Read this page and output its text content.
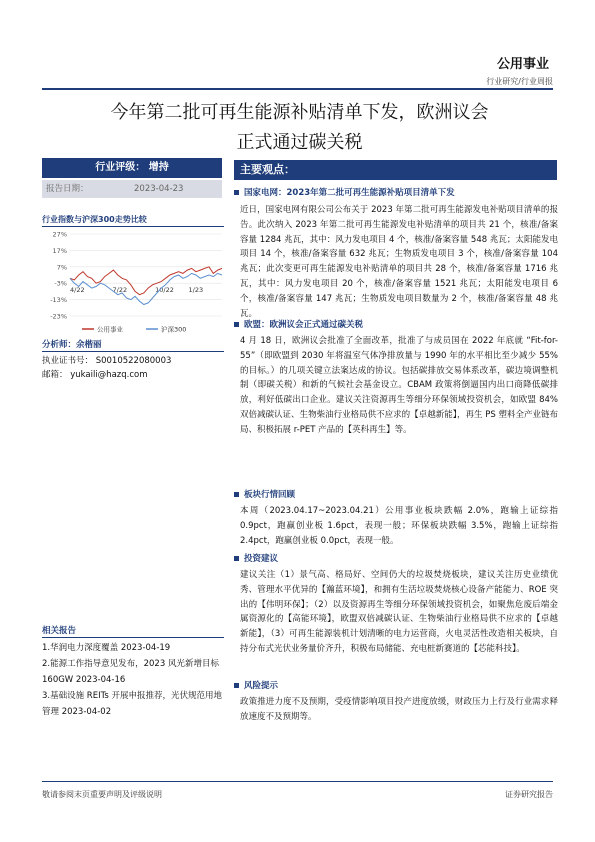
公用事业
行业研究/行业周报
今年第二批可再生能源补贴清单下发，欧洲议会
正式通过碳关税
行业评级： 增持
报告日期：	2023-04-23
行业指数与沪深300走势比较
27%
17%
7%
-3%
-13%
-23%
4/22	7/22	10/22 1/23
公用事业	沪深300
分析师：余楷丽
执业证书号： S0010522080003
邮箱： yukaili@hazq.com
相关报告
1.华润电力深度覆盖 2023-04-19
2.能源工作指导意见发布，2023 风光新增目标 160GW 2023-04-16
3.基础设施 REITs 开展申报推荐，光伏规范用地管理 2023-04-02
主要观点：
国家电网：2023年第二批可再生能源补贴项目清单下发
近日，国家电网有限公司公布关于 2023 年第二批可再生能源发电补贴项目清单的报告。此次纳入 2023 年第二批可再生能源发电补贴清单的项目共 21 个，核准/备案容量 1284 兆瓦，其中：风力发电项目 4 个，核准/备案容量 548 兆瓦；太阳能发电项目 14 个，核准/备案容量 632 兆瓦；生物质发电项目 3 个，核准/备案容量 104 兆瓦；此次变更可再生能源发电补贴清单的项目共 28 个，核准/备案容量 1716 兆瓦，其中：风力发电项目 20 个，核准/备案容量 1521 兆瓦；太阳能发电项目 6 个，核准/备案容量 147 兆瓦；生物质发电项目数量为 2 个，核准/备案容量 48 兆瓦。
欧盟：欧洲议会正式通过碳关税
4 月 18 日，欧洲议会批准了全面改革，批准了与成员国在 2022 年底就 “Fit-for-55”（即欧盟到 2030 年将温室气体净排放量与 1990 年的水平相比至少减少 55%的目标。）的几项关键立法案达成的协议。包括碳排放交易体系改革，碳边境调整机制（即碳关税）和新的气候社会基金设立。CBAM 政策将倒逼国内出口商降低碳排放，利好低碳出口企业。建议关注资源再生等细分环保领域投资机会，如欧盟 84%双倍减碳认证、生物柴油行业格局供不应求的【卓越新能】，再生 PS 塑料全产业链布局、积极拓展 r-PET 产品的【英科再生】等。
板块行情回顾
本周（2023.04.17~2023.04.21）公用事业板块跌幅 2.0%，跑输上证综指 0.9pct，跑赢创业板 1.6pct，表现一般；环保板块跌幅 3.5%，跑输上证综指 2.4pct，跑赢创业板 0.0pct，表现一般。
投资建议
建议关注（1）景气高、格局好、空间仍大的垃圾焚烧板块，建议关注历史业绩优秀、管理水平优异的【瀚蓝环境】，和拥有生活垃圾焚烧核心设备产能能力、ROE 突出的【伟明环保】；（2）以及资源再生等细分环保领域投资机会，如聚焦危废后端金属资源化的【高能环境】，欧盟双倍减碳认证、生物柴油行业格局供不应求的【卓越新能】，（3）可再生能源装机计划清晰的电力运营商，火电灵活性改造相关板块，自持分布式光伏业务量价齐升，积极布局储能、充电桩新赛道的【芯能科技】。
风险提示
政策推进力度不及预期，受疫情影响项目投产进度放缓，财政压力上行及行业需求释放速度不及预期等。
敬请参阅末页重要声明及评级说明	证券研究报告
